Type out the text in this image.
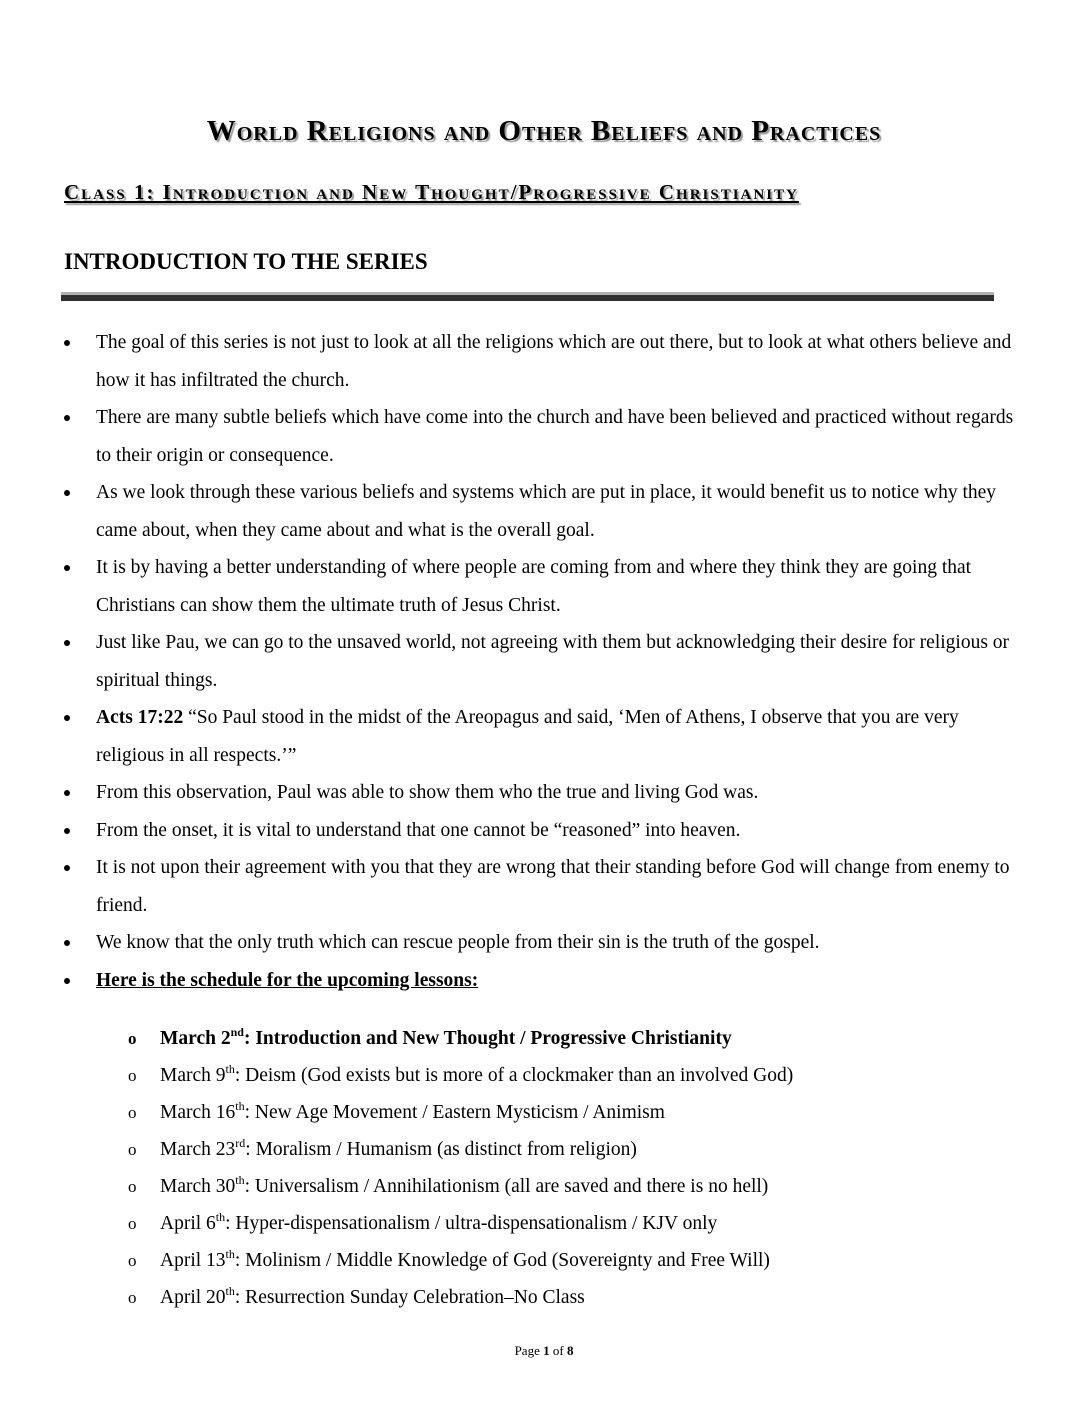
World Religions and Other Beliefs and Practices
Class 1: Introduction and New Thought/Progressive Christianity
INTRODUCTION TO THE SERIES
The goal of this series is not just to look at all the religions which are out there, but to look at what others believe and how it has infiltrated the church.
There are many subtle beliefs which have come into the church and have been believed and practiced without regards to their origin or consequence.
As we look through these various beliefs and systems which are put in place, it would benefit us to notice why they came about, when they came about and what is the overall goal.
It is by having a better understanding of where people are coming from and where they think they are going that Christians can show them the ultimate truth of Jesus Christ.
Just like Pau, we can go to the unsaved world, not agreeing with them but acknowledging their desire for religious or spiritual things.
Acts 17:22 “So Paul stood in the midst of the Areopagus and said, ‘Men of Athens, I observe that you are very religious in all respects.’”
From this observation, Paul was able to show them who the true and living God was.
From the onset, it is vital to understand that one cannot be “reasoned” into heaven.
It is not upon their agreement with you that they are wrong that their standing before God will change from enemy to friend.
We know that the only truth which can rescue people from their sin is the truth of the gospel.
Here is the schedule for the upcoming lessons:
o March 2nd: Introduction and New Thought / Progressive Christianity
o March 9th: Deism (God exists but is more of a clockmaker than an involved God)
o March 16th: New Age Movement / Eastern Mysticism / Animism
o March 23rd: Moralism / Humanism (as distinct from religion)
o March 30th: Universalism / Annihilationism (all are saved and there is no hell)
o April 6th: Hyper-dispensationalism / ultra-dispensationalism / KJV only
o April 13th: Molinism / Middle Knowledge of God (Sovereignty and Free Will)
o April 20th: Resurrection Sunday Celebration–No Class
Page 1 of 8
